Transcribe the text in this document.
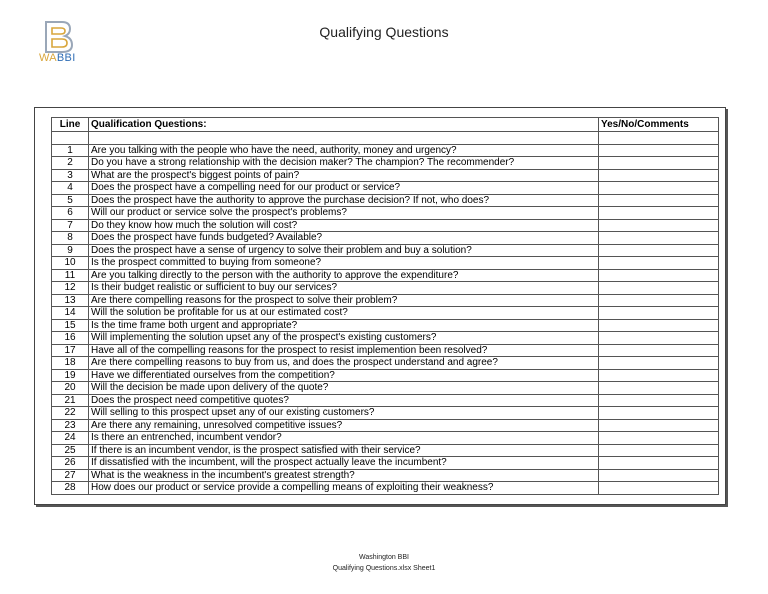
Qualifying Questions
WABBI
Line	Qualification Questions:	Yes/No/Comments

1	Are you talking with the people who have the need, authority, money and urgency?	
2	Do you have a strong relationship with the decision maker? The champion? The recommender?	
3	What are the prospect's biggest points of pain?	
4	Does the prospect have a compelling need for our product or service?	
5	Does the prospect have the authority to approve the purchase decision? If not, who does?	
6	Will our product or service solve the prospect's problems?	
7	Do they know how much the solution will cost?	
8	Does the prospect have funds budgeted? Available?	
9	Does the prospect have a sense of urgency to solve their problem and buy a solution?	
10	Is the prospect committed to buying from someone?	
11	Are you talking directly to the person with the authority to approve the expenditure?	
12	Is their budget realistic or sufficient to buy our services?	
13	Are there compelling reasons for the prospect to solve their problem?	
14	Will the solution be profitable for us at our estimated cost?	
15	Is the time frame both urgent and appropriate?	
16	Will implementing the solution upset any of the prospect's existing customers?	
17	Have all of the compelling reasons for the prospect to resist implemention been resolved?	
18	Are there compelling reasons to buy from us, and does the prospect understand and agree?	
19	Have we differentiated ourselves from the competition?	
20	Will the decision be made upon delivery of the quote?	
21	Does the prospect need competitive quotes?	
22	Will selling to this prospect upset any of our existing customers?	
23	Are there any remaining, unresolved competitive issues?	
24	Is there an entrenched, incumbent vendor?	
25	If there is an incumbent vendor, is the prospect satisfied with their service?	
26	If dissatisfied with the incumbent, will the prospect actually leave the incumbent?	
27	What is the weakness in the incumbent's greatest strength?	
28	How does our product or service provide a compelling means of exploiting their weakness?	
Washington BBI
Qualifying Questions.xlsx Sheet1
